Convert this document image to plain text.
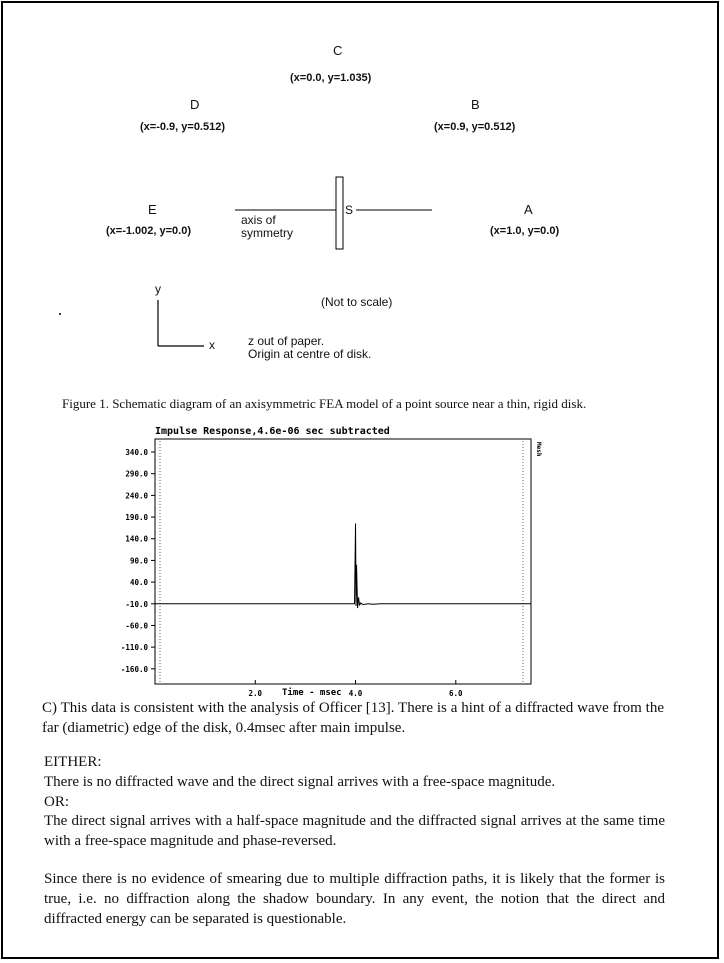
C
(x=0.0, y=1.035)
D
(x=-0.9, y=0.512)
B
(x=0.9, y=0.512)
E
(x=-1.002, y=0.0)
A
(x=1.0, y=0.0)
S
axis of
symmetry
(Not to scale)
y
x	z out of paper.
Origin at centre of disk.
Figure 1. Schematic diagram of an axisymmetric FEA model of a point source near a thin, rigid disk.
Impulse Response,4.6e-06 sec subtracted
340.0
290.0
240.0
190.0
140.0
90.0
40.0
-10.0
-60.0
-110.0
-160.0
2.0	4.0	6.0
Time - msec
Mesh
C) This data is consistent with the analysis of Officer [13]. There is a hint of a diffracted wave from the far (diametric) edge of the disk, 0.4msec after main impulse.
EITHER:
There is no diffracted wave and the direct signal arrives with a free-space magnitude.
OR:
The direct signal arrives with a half-space magnitude and the diffracted signal arrives at the same time with a free-space magnitude and phase-reversed.
Since there is no evidence of smearing due to multiple diffraction paths, it is likely that the former is true, i.e. no diffraction along the shadow boundary. In any event, the notion that the direct and diffracted energy can be separated is questionable.
